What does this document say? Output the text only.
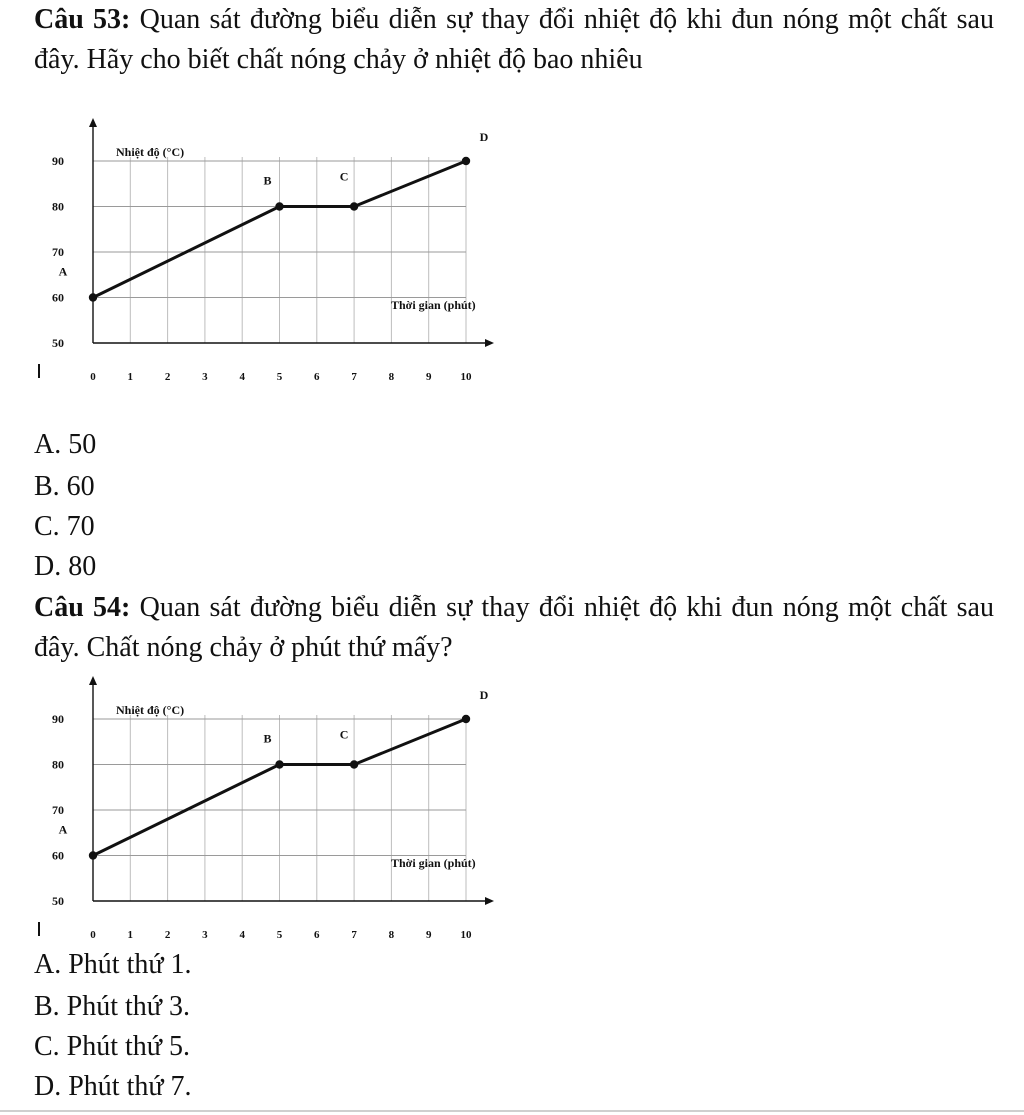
Câu 53: Quan sát đường biểu diễn sự thay đổi nhiệt độ khi đun nóng một chất sau đây. Hãy cho biết chất nóng chảy ở nhiệt độ bao nhiêu

50
60
70
80
90
0	1	2	3	4	5	6	7	8	9	10
Nhiệt độ (°C)
Thời gian (phút)
A
B	C
D

A. 50

B. 60

C. 70

D. 80

Câu 54: Quan sát đường biểu diễn sự thay đổi nhiệt độ khi đun nóng một chất sau đây. Chất nóng chảy ở phút thứ mấy?

50
60
70
80
90
0	1	2	3	4	5	6	7	8	9	10
Nhiệt độ (°C)
Thời gian (phút)
A
B	C
D

A. Phút thứ 1.

B. Phút thứ 3.

C. Phút thứ 5.

D. Phút thứ 7.
